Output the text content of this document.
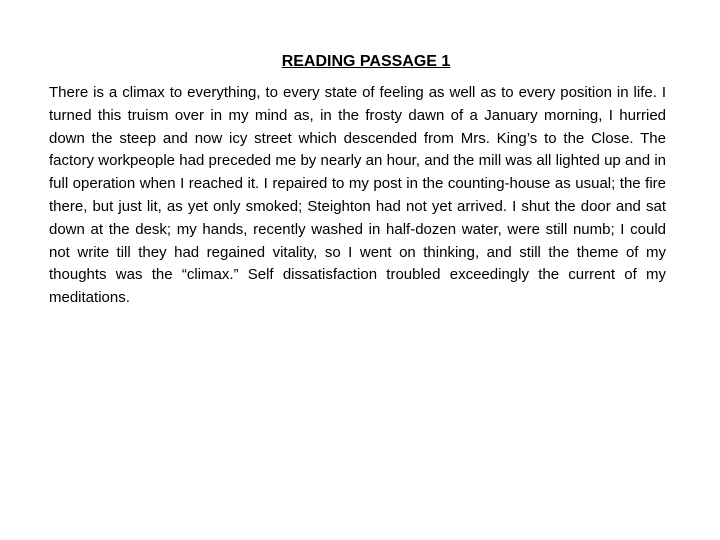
READING PASSAGE 1

There is a climax to everything, to every state of feeling as well as to every position in life. I turned this truism over in my mind as, in the frosty dawn of a January morning, I hurried down the steep and now icy street which descended from Mrs. King’s to the Close. The factory workpeople had preceded me by nearly an hour, and the mill was all lighted up and in full operation when I reached it. I repaired to my post in the counting-house as usual; the fire there, but just lit, as yet only smoked; Steighton had not yet arrived. I shut the door and sat down at the desk; my hands, recently washed in half-dozen water, were still numb; I could not write till they had regained vitality, so I went on thinking, and still the theme of my thoughts was the “climax.” Self dissatisfaction troubled exceedingly the current of my meditations.
